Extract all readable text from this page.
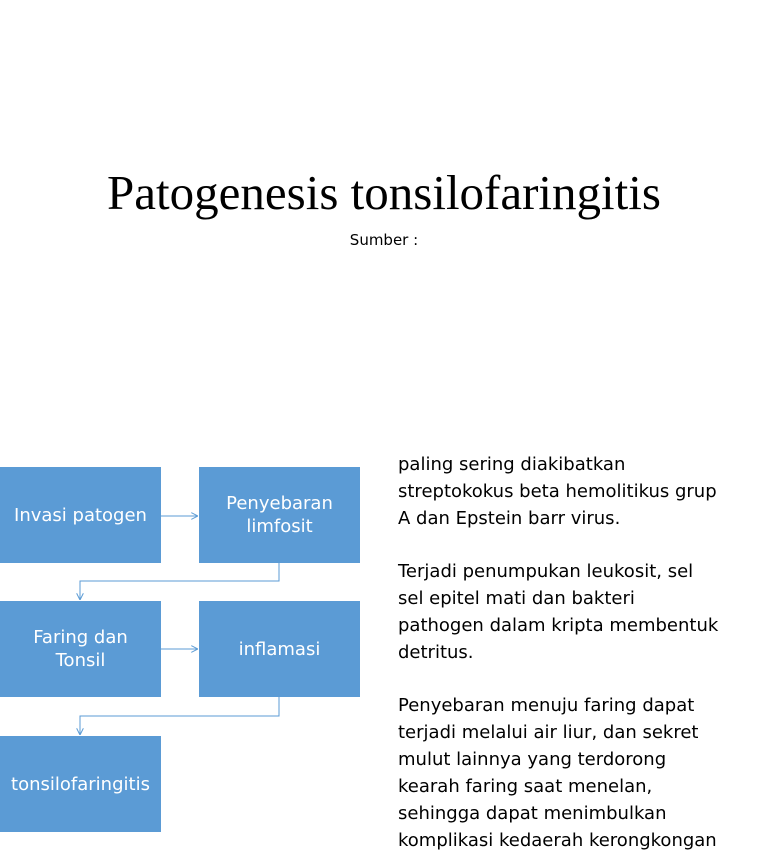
Patogenesis tonsilofaringitis
Sumber :
Invasi patogen
Penyebaran
limfosit
Faring dan
Tonsil
inflamasi
tonsilofaringitis

paling sering diakibatkan
streptokokus beta hemolitikus grup
A dan Epstein barr virus.

Terjadi penumpukan leukosit, sel
sel epitel mati dan bakteri
pathogen dalam kripta membentuk
detritus.

Penyebaran menuju faring dapat
terjadi melalui air liur, dan sekret
mulut lainnya yang terdorong
kearah faring saat menelan,
sehingga dapat menimbulkan
komplikasi kedaerah kerongkongan
